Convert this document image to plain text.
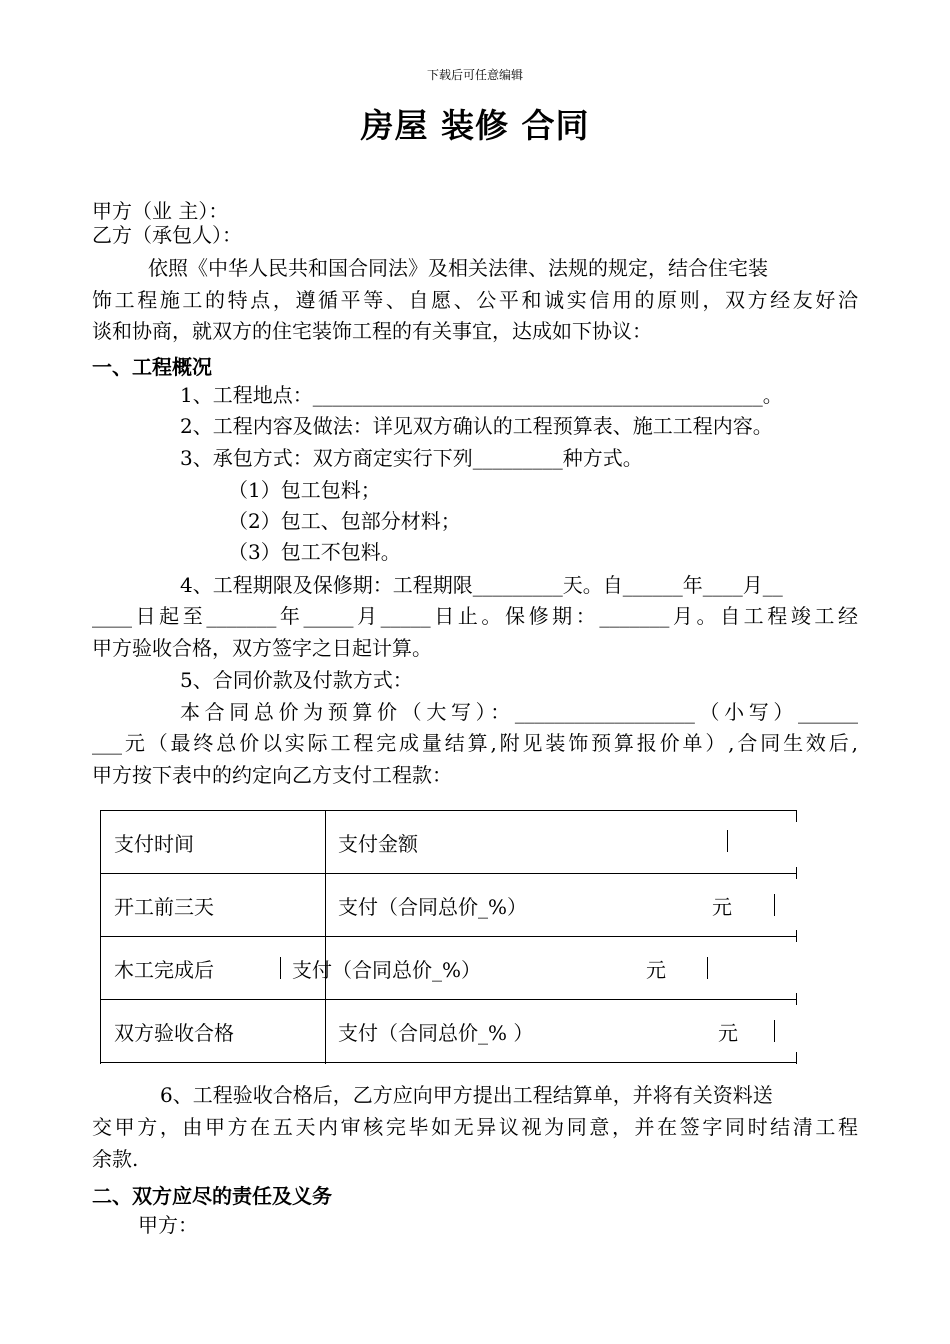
下载后可任意编辑
房屋 装修 合同
甲方（业 主）：
乙方（承包人）：
依照《中华人民共和国合同法》及相关法律、法规的规定，结合住宅装
饰工程施工的特点，遵循平等、自愿、公平和诚实信用的原则，双方经友好洽
谈和协商，就双方的住宅装饰工程的有关事宜，达成如下协议：
一、工程概况
1、工程地点：_____________________________________________。
2、工程内容及做法：详见双方确认的工程预算表、施工工程内容。
3、承包方式：双方商定实行下列_________种方式。
（1）包工包料；
（2）包工、包部分材料；
（3）包工不包料。
4、工程期限及保修期：工程期限_________天。自______年____月__
____日起至_______年_____月_____日止。保修期：_______月。自工程竣工经
甲方验收合格，双方签字之日起计算。
5、合同价款及付款方式：
本合同总价为预算价（大写）：__________________（小写）______
___元（最终总价以实际工程完成量结算,附见装饰预算报价单）,合同生效后,
甲方按下表中的约定向乙方支付工程款：
支付时间	支付金额
开工前三天	支付（合同总价_%）	元
木工完成后	支付（合同总价_%）	元
双方验收合格	支付（合同总价_% ）	元
6、工程验收合格后，乙方应向甲方提出工程结算单，并将有关资料送
交甲方，由甲方在五天内审核完毕如无异议视为同意，并在签字同时结清工程
余款.
二、双方应尽的责任及义务
甲方：
